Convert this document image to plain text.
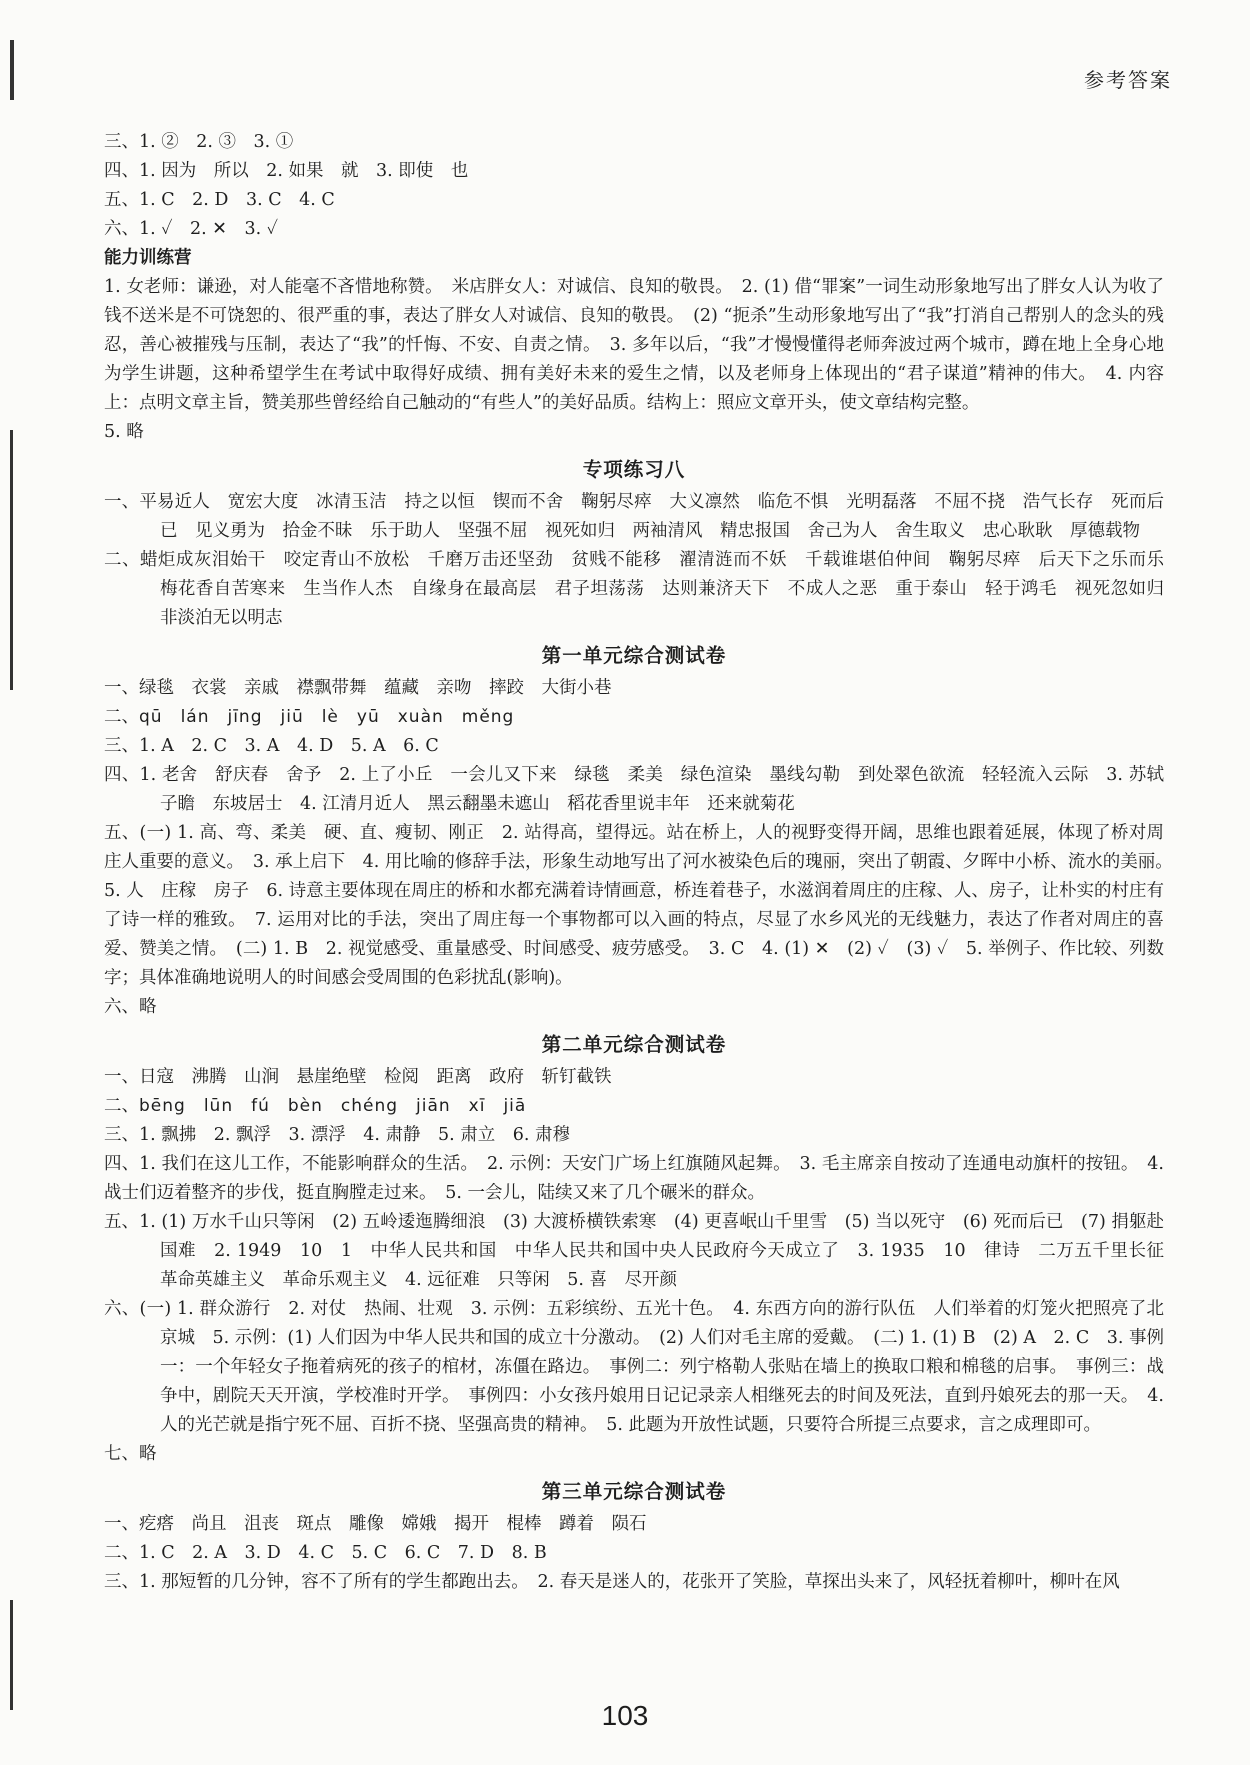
参考答案
三、1. ②　2. ③　3. ①
四、1. 因为　所以　2. 如果　就　3. 即使　也
五、1. C　2. D　3. C　4. C
六、1. ✓　2. ✕　3. ✓
能力训练营
1. 女老师：谦逊，对人能毫不吝惜地称赞。　米店胖女人：对诚信、良知的敬畏。　2. (1) 借“罪案”一词生动形象地写出了胖女人认为收了钱不送米是不可饶恕的、很严重的事，表达了胖女人对诚信、良知的敬畏。　(2) “扼杀”生动形象地写出了“我”打消自己帮别人的念头的残忍，善心被摧残与压制，表达了“我”的忏悔、不安、自责之情。　3. 多年以后，“我”才慢慢懂得老师奔波过两个城市，蹲在地上全身心地为学生讲题，这种希望学生在考试中取得好成绩、拥有美好未来的爱生之情，以及老师身上体现出的“君子谋道”精神的伟大。　4. 内容上：点明文章主旨，赞美那些曾经给自己触动的“有些人”的美好品质。结构上：照应文章开头，使文章结构完整。
5. 略
专项练习八
一、平易近人　宽宏大度　冰清玉洁　持之以恒　锲而不舍　鞠躬尽瘁　大义凛然　临危不惧　光明磊落　不屈不挠　浩气长存　死而后已　见义勇为　拾金不昧　乐于助人　坚强不屈　视死如归　两袖清风　精忠报国　舍己为人　舍生取义　忠心耿耿　厚德载物
二、蜡炬成灰泪始干　咬定青山不放松　千磨万击还坚劲　贫贱不能移　濯清涟而不妖　千载谁堪伯仲间　鞠躬尽瘁　后天下之乐而乐　梅花香自苦寒来　生当作人杰　自缘身在最高层　君子坦荡荡　达则兼济天下　不成人之恶　重于泰山　轻于鸿毛　视死忽如归　非淡泊无以明志
第一单元综合测试卷
一、绿毯　衣裳　亲戚　襟飘带舞　蕴藏　亲吻　摔跤　大街小巷
二、qū　lán　jīng　jiū　lè　yū　xuàn　měng
三、1. A　2. C　3. A　4. D　5. A　6. C
四、1. 老舍　舒庆春　舍予　2. 上了小丘　一会儿又下来　绿毯　柔美　绿色渲染　墨线勾勒　到处翠色欲流　轻轻流入云际　3. 苏轼　子瞻　东坡居士　4. 江清月近人　黑云翻墨未遮山　稻花香里说丰年　还来就菊花
五、(一) 1. 高、弯、柔美　硬、直、瘦韧、刚正　2. 站得高，望得远。站在桥上，人的视野变得开阔，思维也跟着延展，体现了桥对周庄人重要的意义。　3. 承上启下　4. 用比喻的修辞手法，形象生动地写出了河水被染色后的瑰丽，突出了朝霞、夕晖中小桥、流水的美丽。　5. 人　庄稼　房子　6. 诗意主要体现在周庄的桥和水都充满着诗情画意，桥连着巷子，水滋润着周庄的庄稼、人、房子，让朴实的村庄有了诗一样的雅致。　7. 运用对比的手法，突出了周庄每一个事物都可以入画的特点，尽显了水乡风光的无线魅力，表达了作者对周庄的喜爱、赞美之情。　(二) 1. B　2. 视觉感受、重量感受、时间感受、疲劳感受。　3. C　4. (1) ✕　(2) ✓　(3) ✓　5. 举例子、作比较、列数字；具体准确地说明人的时间感会受周围的色彩扰乱(影响)。
六、略
第二单元综合测试卷
一、日寇　沸腾　山涧　悬崖绝壁　检阅　距离　政府　斩钉截铁
二、bēng　lūn　fú　bèn　chéng　jiān　xī　jiā
三、1. 飘拂　2. 飘浮　3. 漂浮　4. 肃静　5. 肃立　6. 肃穆
四、1. 我们在这儿工作，不能影响群众的生活。　2. 示例：天安门广场上红旗随风起舞。　3. 毛主席亲自按动了连通电动旗杆的按钮。　4. 战士们迈着整齐的步伐，挺直胸膛走过来。　5. 一会儿，陆续又来了几个碾米的群众。
五、1. (1) 万水千山只等闲　(2) 五岭逶迤腾细浪　(3) 大渡桥横铁索寒　(4) 更喜岷山千里雪　(5) 当以死守　(6) 死而后已　(7) 捐躯赴国难　2. 1949　10　1　中华人民共和国　中华人民共和国中央人民政府今天成立了　3. 1935　10　律诗　二万五千里长征　革命英雄主义　革命乐观主义　4. 远征难　只等闲　5. 喜　尽开颜
六、(一) 1. 群众游行　2. 对仗　热闹、壮观　3. 示例：五彩缤纷、五光十色。　4. 东西方向的游行队伍　人们举着的灯笼火把照亮了北京城　5. 示例：(1) 人们因为中华人民共和国的成立十分激动。　(2) 人们对毛主席的爱戴。　(二) 1. (1) B　(2) A　2. C　3. 事例一：一个年轻女子拖着病死的孩子的棺材，冻僵在路边。　事例二：列宁格勒人张贴在墙上的换取口粮和棉毯的启事。　事例三：战争中，剧院天天开演，学校准时开学。　事例四：小女孩丹娘用日记记录亲人相继死去的时间及死法，直到丹娘死去的那一天。　4. 人的光芒就是指宁死不屈、百折不挠、坚强高贵的精神。　5. 此题为开放性试题，只要符合所提三点要求，言之成理即可。
七、略
第三单元综合测试卷
一、疙瘩　尚且　沮丧　斑点　雕像　嫦娥　揭开　棍棒　蹲着　陨石
二、1. C　2. A　3. D　4. C　5. C　6. C　7. D　8. B
三、1. 那短暂的几分钟，容不了所有的学生都跑出去。　2. 春天是迷人的，花张开了笑脸，草探出头来了，风轻抚着柳叶，柳叶在风
103
